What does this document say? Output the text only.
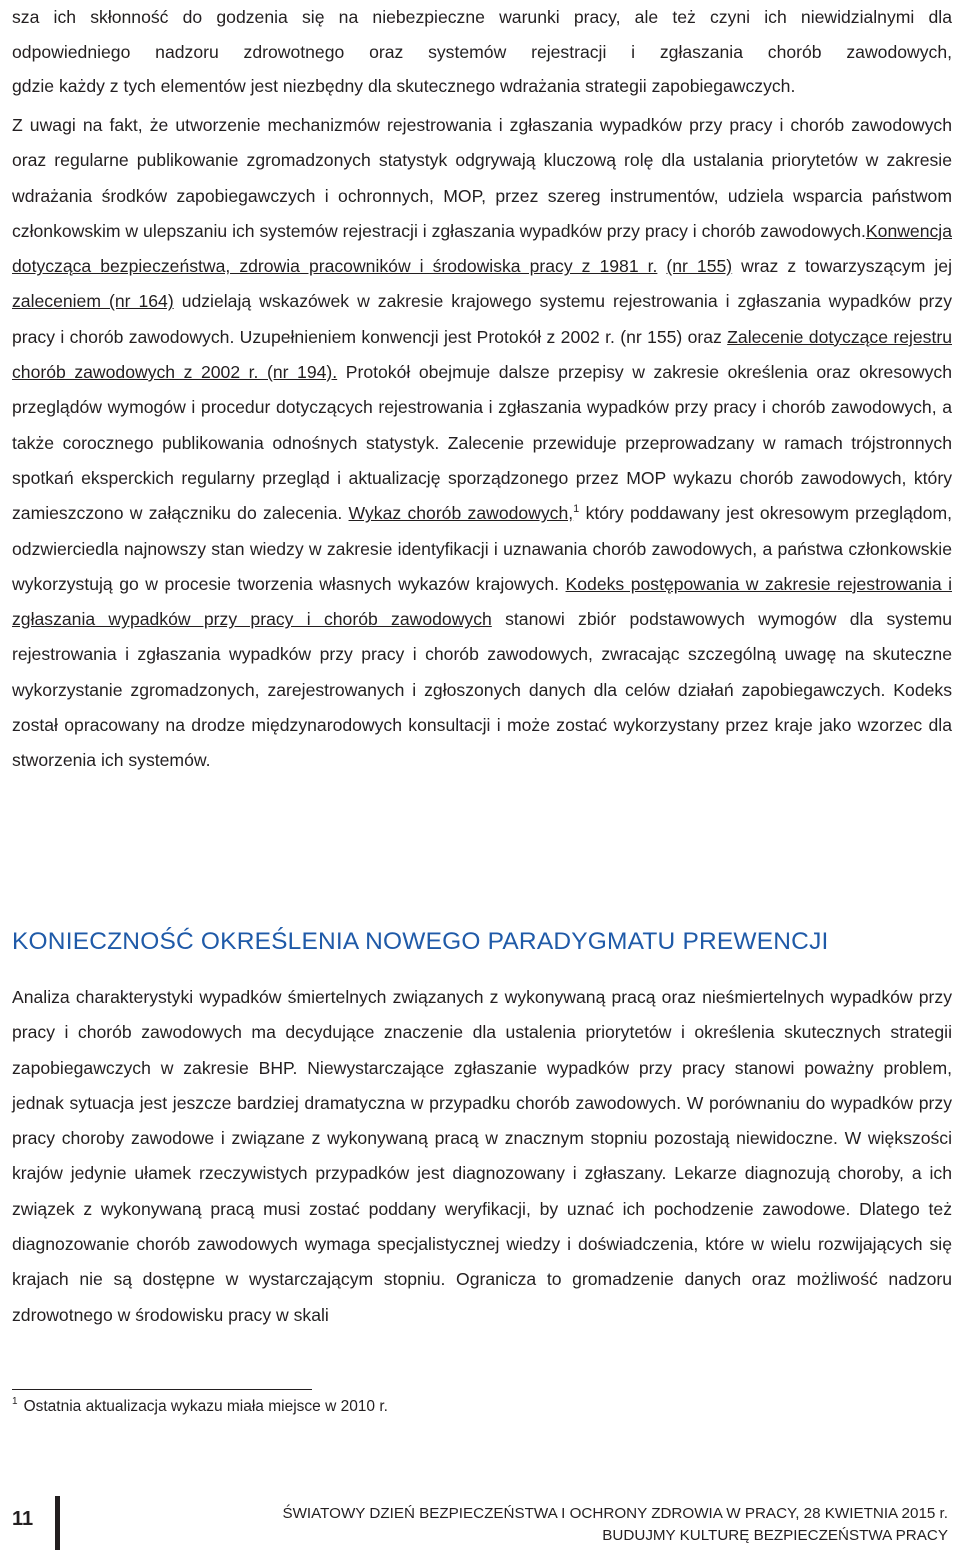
sza ich skłonność do godzenia się na niebezpieczne warunki pracy, ale też czyni ich niewidzialnymi dla
odpowiedniego nadzoru zdrowotnego oraz systemów rejestracji i zgłaszania chorób zawodowych,
gdzie każdy z tych elementów jest niezbędny dla skutecznego wdrażania strategii zapobiegawczych.

Z uwagi na fakt, że utworzenie mechanizmów rejestrowania i zgłaszania wypadków przy pracy i chorób zawodowych oraz regularne publikowanie zgromadzonych statystyk odgrywają kluczową rolę dla ustalania priorytetów w zakresie wdrażania środków zapobiegawczych i ochronnych, MOP, przez szereg instrumentów, udziela wsparcia państwom członkowskim w ulepszaniu ich systemów rejestracji i zgłaszania wypadków przy pracy i chorób zawodowych.Konwencja dotycząca bezpieczeństwa, zdrowia pracowników i środowiska pracy z 1981 r. (nr 155) wraz z towarzyszącym jej zaleceniem (nr 164) udzielają wskazówek w zakresie krajowego systemu rejestrowania i zgłaszania wypadków przy pracy i chorób zawodowych. Uzupełnieniem konwencji jest Protokół z 2002 r. (nr 155) oraz Zalecenie dotyczące rejestru chorób zawodowych z 2002 r. (nr 194). Protokół obejmuje dalsze przepisy w zakresie określenia oraz okresowych przeglądów wymogów i procedur dotyczących rejestrowania i zgłaszania wypadków przy pracy i chorób zawodowych, a także corocznego publikowania odnośnych statystyk. Zalecenie przewiduje przeprowadzany w ramach trójstronnych spotkań eksperckich regularny przegląd i aktualizację sporządzonego przez MOP wykazu chorób zawodowych, który zamieszczono w załączniku do zalecenia. Wykaz chorób zawodowych,$^1$ który poddawany jest okresowym przeglądom, odzwierciedla najnowszy stan wiedzy w zakresie identyfikacji i uznawania chorób zawodowych, a państwa członkowskie wykorzystują go w procesie tworzenia własnych wykazów krajowych. Kodeks postępowania w zakresie rejestrowania i zgłaszania wypadków przy pracy i chorób zawodowych stanowi zbiór podstawowych wymogów dla systemu rejestrowania i zgłaszania wypadków przy pracy i chorób zawodowych, zwracając szczególną uwagę na skuteczne wykorzystanie zgromadzonych, zarejestrowanych i zgłoszonych danych dla celów działań zapobiegawczych. Kodeks został opracowany na drodze międzynarodowych konsultacji i może zostać wykorzystany przez kraje jako wzorzec dla stworzenia ich systemów.

KONIECZNOŚĆ OKREŚLENIA NOWEGO PARADYGMATU PREWENCJI

Analiza charakterystyki wypadków śmiertelnych związanych z wykonywaną pracą oraz nieśmiertelnych wypadków przy pracy i chorób zawodowych ma decydujące znaczenie dla ustalenia priorytetów i określenia skutecznych strategii zapobiegawczych w zakresie BHP. Niewystarczające zgłaszanie wypadków przy pracy stanowi poważny problem, jednak sytuacja jest jeszcze bardziej dramatyczna w przypadku chorób zawodowych. W porównaniu do wypadków przy pracy choroby zawodowe i związane z wykonywaną pracą w znacznym stopniu pozostają niewidoczne. W większości krajów jedynie ułamek rzeczywistych przypadków jest diagnozowany i zgłaszany. Lekarze diagnozują choroby, a ich związek z wykonywaną pracą musi zostać poddany weryfikacji, by uznać ich pochodzenie zawodowe. Dlatego też diagnozowanie chorób zawodowych wymaga specjalistycznej wiedzy i doświadczenia, które w wielu rozwijających się krajach nie są dostępne w wystarczającym stopniu. Ogranicza to gromadzenie danych oraz możliwość nadzoru zdrowotnego w środowisku pracy w skali

$^1$ Ostatnia aktualizacja wykazu miała miejsce w 2010 r.
11	ŚWIATOWY DZIEŃ BEZPIECZEŃSTWA I OCHRONY ZDROWIA W PRACY, 28 KWIETNIA 2015 r.
BUDUJMY KULTURĘ BEZPIECZEŃSTWA PRACY
